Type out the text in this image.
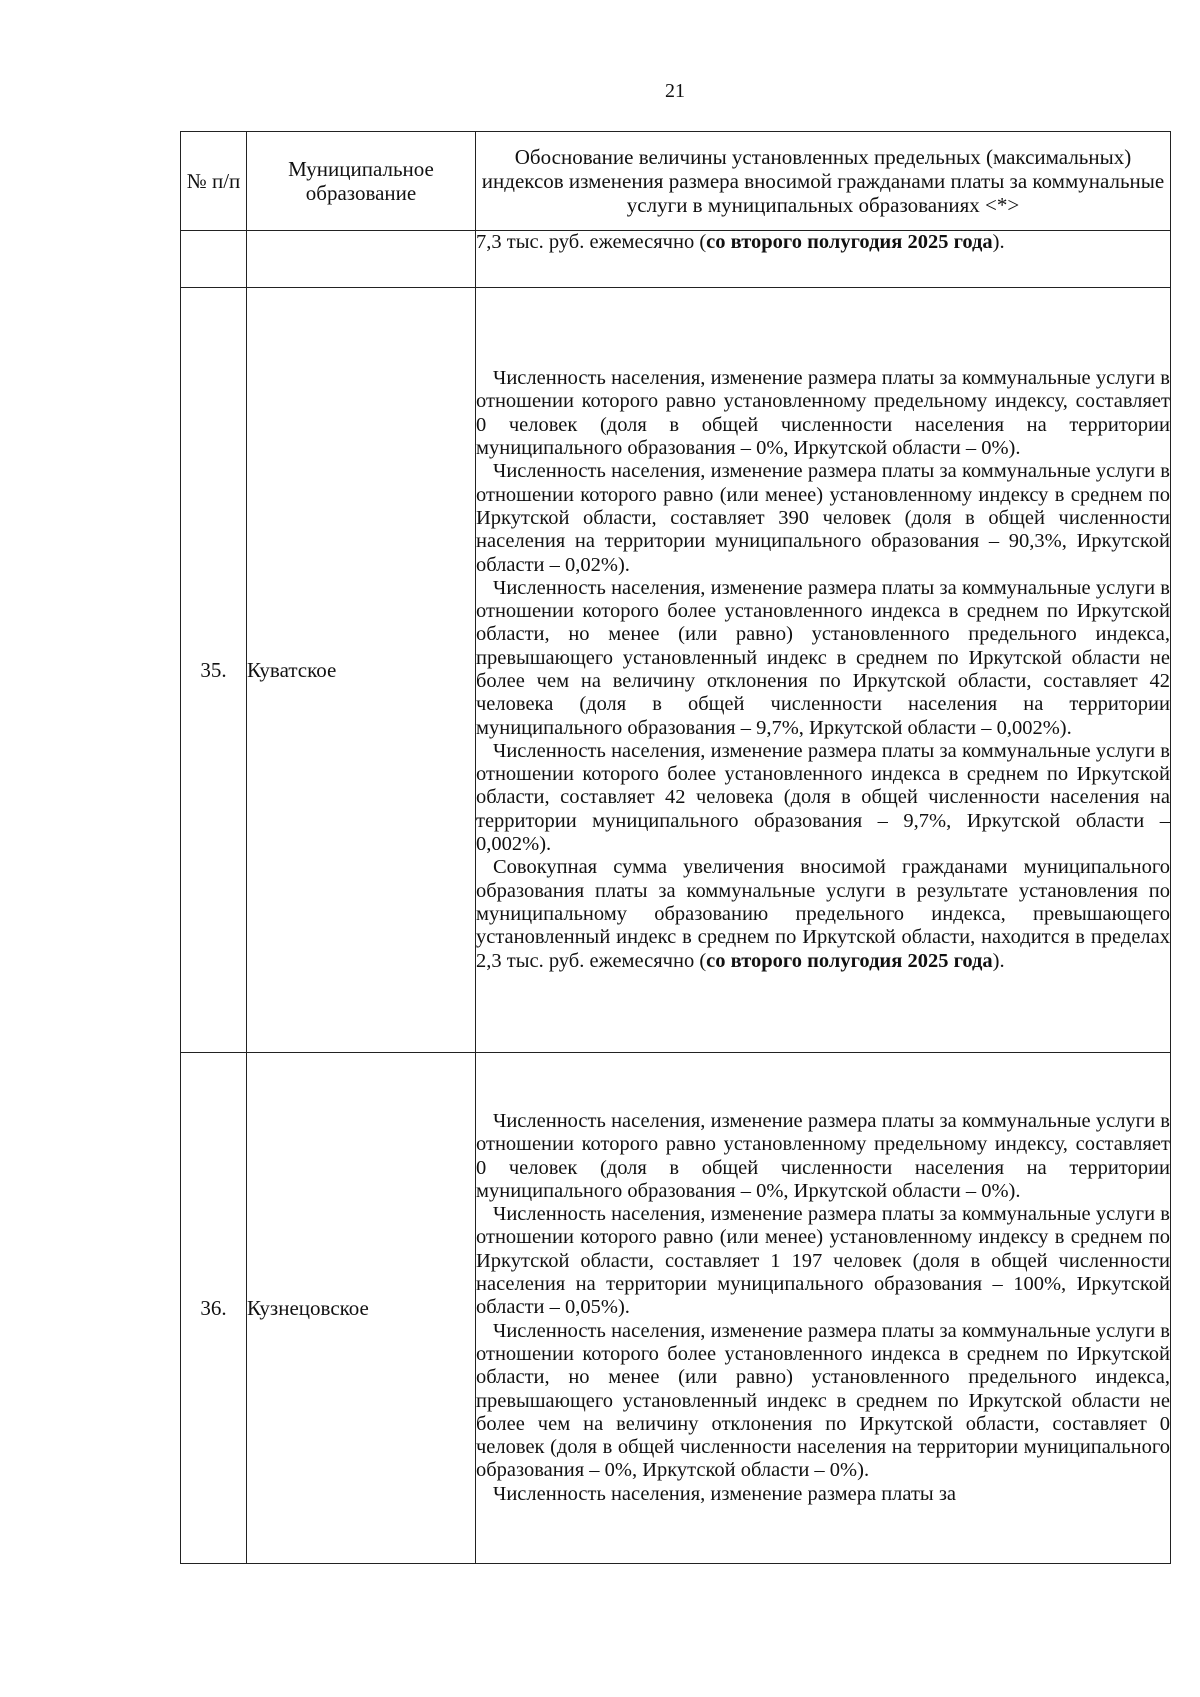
21
№ п/п	Муниципальное образование	Обоснование величины установленных предельных (максимальных) индексов изменения размера вносимой гражданами платы за коммунальные услуги в муниципальных образованиях <*>

		7,3 тыс. руб. ежемесячно (со второго полугодия 2025 года).

35.	Куватское	Численность населения, изменение размера платы за коммунальные услуги в отношении которого равно установленному предельному индексу, составляет 0 человек (доля в общей численности населения на территории муниципального образования – 0%, Иркутской области – 0%).

Численность населения, изменение размера платы за коммунальные услуги в отношении которого равно (или менее) установленному индексу в среднем по Иркутской области, составляет 390 человек (доля в общей численности населения на территории муниципального образования – 90,3%, Иркутской области – 0,02%).

Численность населения, изменение размера платы за коммунальные услуги в отношении которого более установленного индекса в среднем по Иркутской области, но менее (или равно) установленного предельного индекса, превышающего установленный индекс в среднем по Иркутской области не более чем на величину отклонения по Иркутской области, составляет 42 человека (доля в общей численности населения на территории муниципального образования – 9,7%, Иркутской области – 0,002%).

Численность населения, изменение размера платы за коммунальные услуги в отношении которого более установленного индекса в среднем по Иркутской области, составляет 42 человека (доля в общей численности населения на территории муниципального образования – 9,7%, Иркутской области – 0,002%).

Совокупная сумма увеличения вносимой гражданами муниципального образования платы за коммунальные услуги в результате установления по муниципальному образованию предельного индекса, превышающего установленный индекс в среднем по Иркутской области, находится в пределах 2,3 тыс. руб. ежемесячно (со второго полугодия 2025 года).

36.	Кузнецовское	Численность населения, изменение размера платы за коммунальные услуги в отношении которого равно установленному предельному индексу, составляет 0 человек (доля в общей численности населения на территории муниципального образования – 0%, Иркутской области – 0%).

Численность населения, изменение размера платы за коммунальные услуги в отношении которого равно (или менее) установленному индексу в среднем по Иркутской области, составляет 1 197 человек (доля в общей численности населения на территории муниципального образования – 100%, Иркутской области – 0,05%).

Численность населения, изменение размера платы за коммунальные услуги в отношении которого более установленного индекса в среднем по Иркутской области, но менее (или равно) установленного предельного индекса, превышающего установленный индекс в среднем по Иркутской области не более чем на величину отклонения по Иркутской области, составляет 0 человек (доля в общей численности населения на территории муниципального образования – 0%, Иркутской области – 0%).

Численность населения, изменение размера платы за
